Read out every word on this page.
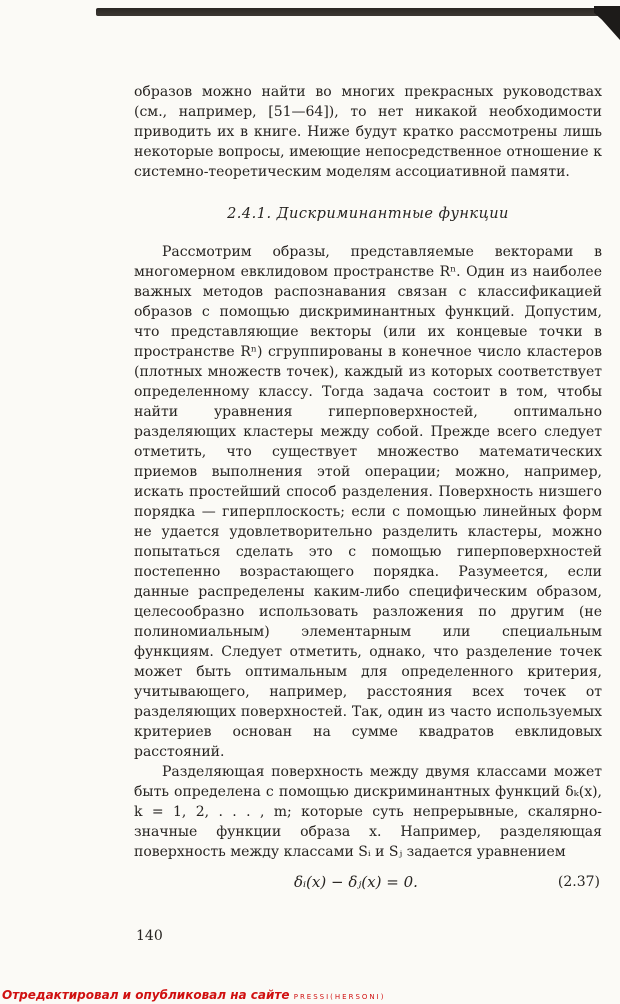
образов можно найти во многих прекрасных руководствах (см., например, [51—64]), то нет никакой необходимости приводить их в книге. Ниже будут кратко рассмотрены лишь некоторые вопросы, имеющие непосредственное отношение к системно-теоретическим моделям ассоциативной памяти.

2.4.1. Дискриминантные функции

Рассмотрим образы, представляемые векторами в многомерном евклидовом пространстве Rⁿ. Один из наиболее важных методов распознавания связан с классификацией образов с помощью дискриминантных функций. Допустим, что представляющие векторы (или их концевые точки в пространстве Rⁿ) сгруппированы в конечное число кластеров (плотных множеств точек), каждый из которых соответствует определенному классу. Тогда задача состоит в том, чтобы найти уравнения гиперповерхностей, оптимально разделяющих кластеры между собой. Прежде всего следует отметить, что существует множество математических приемов выполнения этой операции; можно, например, искать простейший способ разделения. Поверхность низшего порядка — гиперплоскость; если с помощью линейных форм не удается удовлетворительно разделить кластеры, можно попытаться сделать это с помощью гиперповерхностей постепенно возрастающего порядка. Разумеется, если данные распределены каким-либо специфическим образом, целесообразно использовать разложения по другим (не полиномиальным) элементарным или специальным функциям. Следует отметить, однако, что разделение точек может быть оптимальным для определенного критерия, учитывающего, например, расстояния всех точек от разделяющих поверхностей. Так, один из часто используемых критериев основан на сумме квадратов евклидовых расстояний.

Разделяющая поверхность между двумя классами может быть определена с помощью дискриминантных функций δₖ(x), k = 1, 2, . . . , m; которые суть непрерывные, скалярно-значные функции образа x. Например, разделяющая поверхность между классами Sᵢ и Sⱼ задается уравнением

δᵢ(x) − δⱼ(x) = 0.	(2.37)
140
Отредактировал и опубликовал на сайте PRESSI(HERSONI)
